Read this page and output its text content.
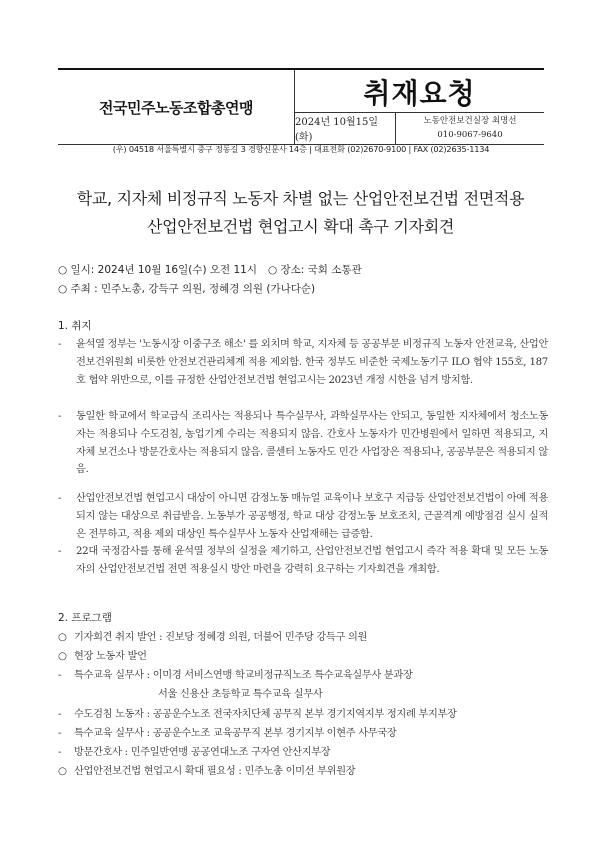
전국민주노동조합총연맹	취재요청
2024년 10월15일(화)
노동안전보건실장 최명선
010-9067-9640
(우) 04518 서울특별시 중구 정동길 3 경향신문사 14층 | 대표전화 (02)2670-9100 | FAX (02)2635-1134
학교, 지자체 비정규직 노동자 차별 없는 산업안전보건법 전면적용
산업안전보건법 현업고시 확대 촉구 기자회견
○ 일시: 2024년 10월 16일(수) 오전 11시 ○ 장소: 국회 소통관
○ 주최 : 민주노총, 강득구 의원, 정혜경 의원 (가나다순)
1. 취지
- 윤석열 정부는 '노동시장 이중구조 해소' 를 외치며 학교, 지자체 등 공공부문 비정규직 노동자 안전교육, 산업안전보건위원회 비롯한 안전보건관리체계 적용 제외함. 한국 정부도 비준한 국제노동기구 ILO 협약 155호, 187호 협약 위반으로, 이를 규정한 산업안전보건법 현업고시는 2023년 개정 시한을 넘겨 방치함.
- 동일한 학교에서 학교급식 조리사는 적용되나 특수실무사, 과학실무사는 안되고, 동일한 지자체에서 청소노동자는 적용되나 수도검침, 농업기계 수리는 적용되지 않음. 간호사 노동자가 민간병원에서 일하면 적용되고, 지자체 보건소나 방문간호사는 적용되지 않음. 콜센터 노동자도 민간 사업장은 적용되나, 공공부문은 적용되지 않음.
- 산업안전보건법 현업고시 대상이 아니면 감정노동 매뉴얼 교육이나 보호구 지급등 산업안전보건법이 아예 적용되지 않는 대상으로 취급받음. 노동부가 공공행정, 학교 대상 감정노동 보호조치, 근골격계 예방점검 실시 실적은 전무하고, 적용 제외 대상인 특수실무사 노동자 산업재해는 급증함.
- 22대 국정감사를 통해 윤석열 정부의 실정을 제기하고, 산업안전보건법 현업고시 즉각 적용 확대 및 모든 노동자의 산업안전보건법 전면 적용실시 방안 마련을 강력히 요구하는 기자회견을 개최함.
2. 프로그램
○ 기자회견 취지 발언 : 진보당 정혜경 의원, 더불어 민주당 강득구 의원
○ 현장 노동자 발언
- 특수교육 실무사 : 이미경 서비스연맹 학교비정규직노조 특수교육실무사 분과장
서울 신용산 초등학교 특수교육 실무사
- 수도검침 노동자 : 공공운수노조 전국자치단체 공무직 본부 경기지역지부 정지례 부지부장
- 특수교육 실무사 : 공공운수노조 교육공무직 본부 경기지부 이현주 사무국장
- 방문간호사 : 민주일반연맹 공공연대노조 구자연 안산지부장
○ 산업안전보건법 현업고시 확대 필요성 : 민주노총 이미선 부위원장
